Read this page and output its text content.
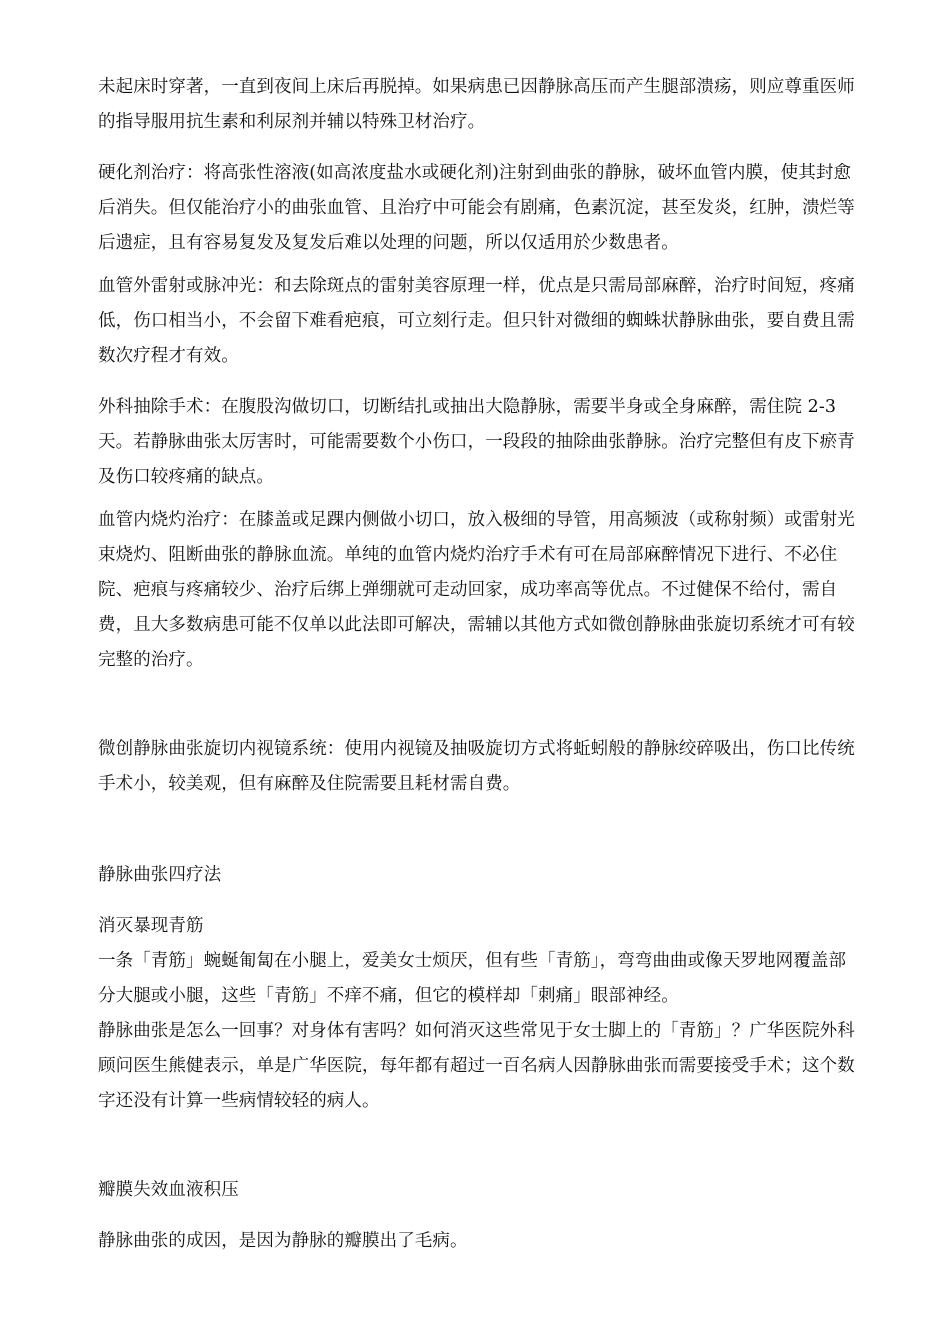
未起床时穿著，一直到夜间上床后再脱掉。如果病患已因静脉高压而产生腿部溃疡，则应尊重医师的指导服用抗生素和利尿剂并辅以特殊卫材治疗。

硬化剂治疗：将高张性溶液(如高浓度盐水或硬化剂)注射到曲张的静脉，破坏血管内膜，使其封愈后消失。但仅能治疗小的曲张血管、且治疗中可能会有剧痛，色素沉淀，甚至发炎，红肿，溃烂等后遗症，且有容易复发及复发后难以处理的问题，所以仅适用於少数患者。

血管外雷射或脉冲光：和去除斑点的雷射美容原理一样，优点是只需局部麻醉，治疗时间短，疼痛低，伤口相当小，不会留下难看疤痕，可立刻行走。但只针对微细的蜘蛛状静脉曲张，要自费且需数次疗程才有效。

外科抽除手术：在腹股沟做切口，切断结扎或抽出大隐静脉，需要半身或全身麻醉，需住院 2-3 天。若静脉曲张太厉害时，可能需要数个小伤口，一段段的抽除曲张静脉。治疗完整但有皮下瘀青及伤口较疼痛的缺点。

血管内烧灼治疗：在膝盖或足踝内侧做小切口，放入极细的导管，用高频波（或称射频）或雷射光束烧灼、阻断曲张的静脉血流。单纯的血管内烧灼治疗手术有可在局部麻醉情况下进行、不必住院、疤痕与疼痛较少、治疗后绑上弹绷就可走动回家，成功率高等优点。不过健保不给付，需自费，且大多数病患可能不仅单以此法即可解决，需辅以其他方式如微创静脉曲张旋切系统才可有较完整的治疗。

微创静脉曲张旋切内视镜系统：使用内视镜及抽吸旋切方式将蚯蚓般的静脉绞碎吸出，伤口比传统手术小，较美观，但有麻醉及住院需要且耗材需自费。

静脉曲张四疗法

消灭暴现青筋

一条「青筋」蜿蜒匍匐在小腿上，爱美女士烦厌，但有些「青筋」，弯弯曲曲或像天罗地网覆盖部分大腿或小腿，这些「青筋」不痒不痛，但它的模样却「刺痛」眼部神经。

静脉曲张是怎么一回事？对身体有害吗？如何消灭这些常见于女士脚上的「青筋」？广华医院外科顾问医生熊健表示，单是广华医院，每年都有超过一百名病人因静脉曲张而需要接受手术；这个数字还没有计算一些病情较轻的病人。

瓣膜失效血液积压

静脉曲张的成因，是因为静脉的瓣膜出了毛病。
